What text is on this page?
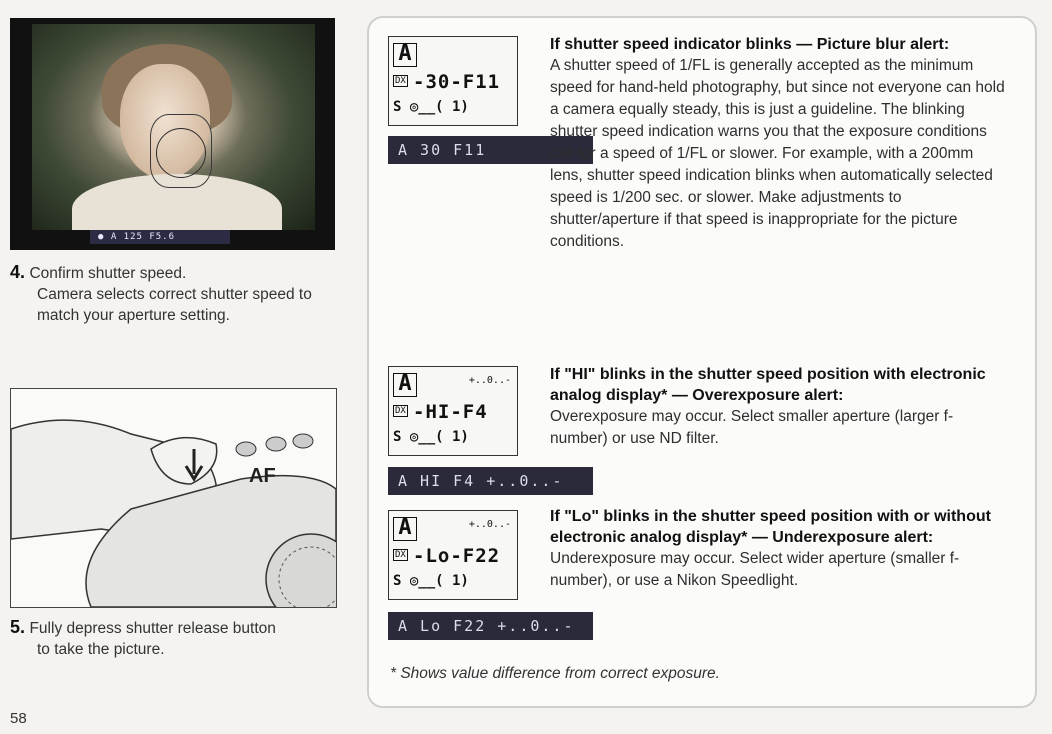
● A 125 F5.6
4. Confirm shutter speed.
Camera selects correct shutter speed to match your aperture setting.
AF
5. Fully depress shutter release button
to take the picture.
58
A
DX -30-F11
S ◎__( 1)
A 30 F11
If shutter speed indicator blinks — Picture blur alert:
A shutter speed of 1/FL is generally accepted as the minimum speed for hand-held photography, but since not everyone can hold a camera equally steady, this is just a guideline. The blinking shutter speed indication warns you that the exposure conditions call for a speed of 1/FL or slower. For example, with a 200mm lens, shutter speed indication blinks when automatically selected speed is 1/200 sec. or slower. Make adjustments to shutter/aperture if that speed is inappropriate for the picture conditions.
A	+..0..-
DX -HI-F4
S ◎__( 1)
A HI F4 +..0..-
If "HI" blinks in the shutter speed position with electronic analog display* — Overexposure alert:
Overexposure may occur. Select smaller aperture (larger f-number) or use ND filter.
A	+..0..-
DX -Lo-F22
S ◎__( 1)
A Lo F22 +..0..-
If "Lo" blinks in the shutter speed position with or without electronic analog display* — Underexposure alert:
Underexposure may occur. Select wider aperture (smaller f-number), or use a Nikon Speedlight.
* Shows value difference from correct exposure.
